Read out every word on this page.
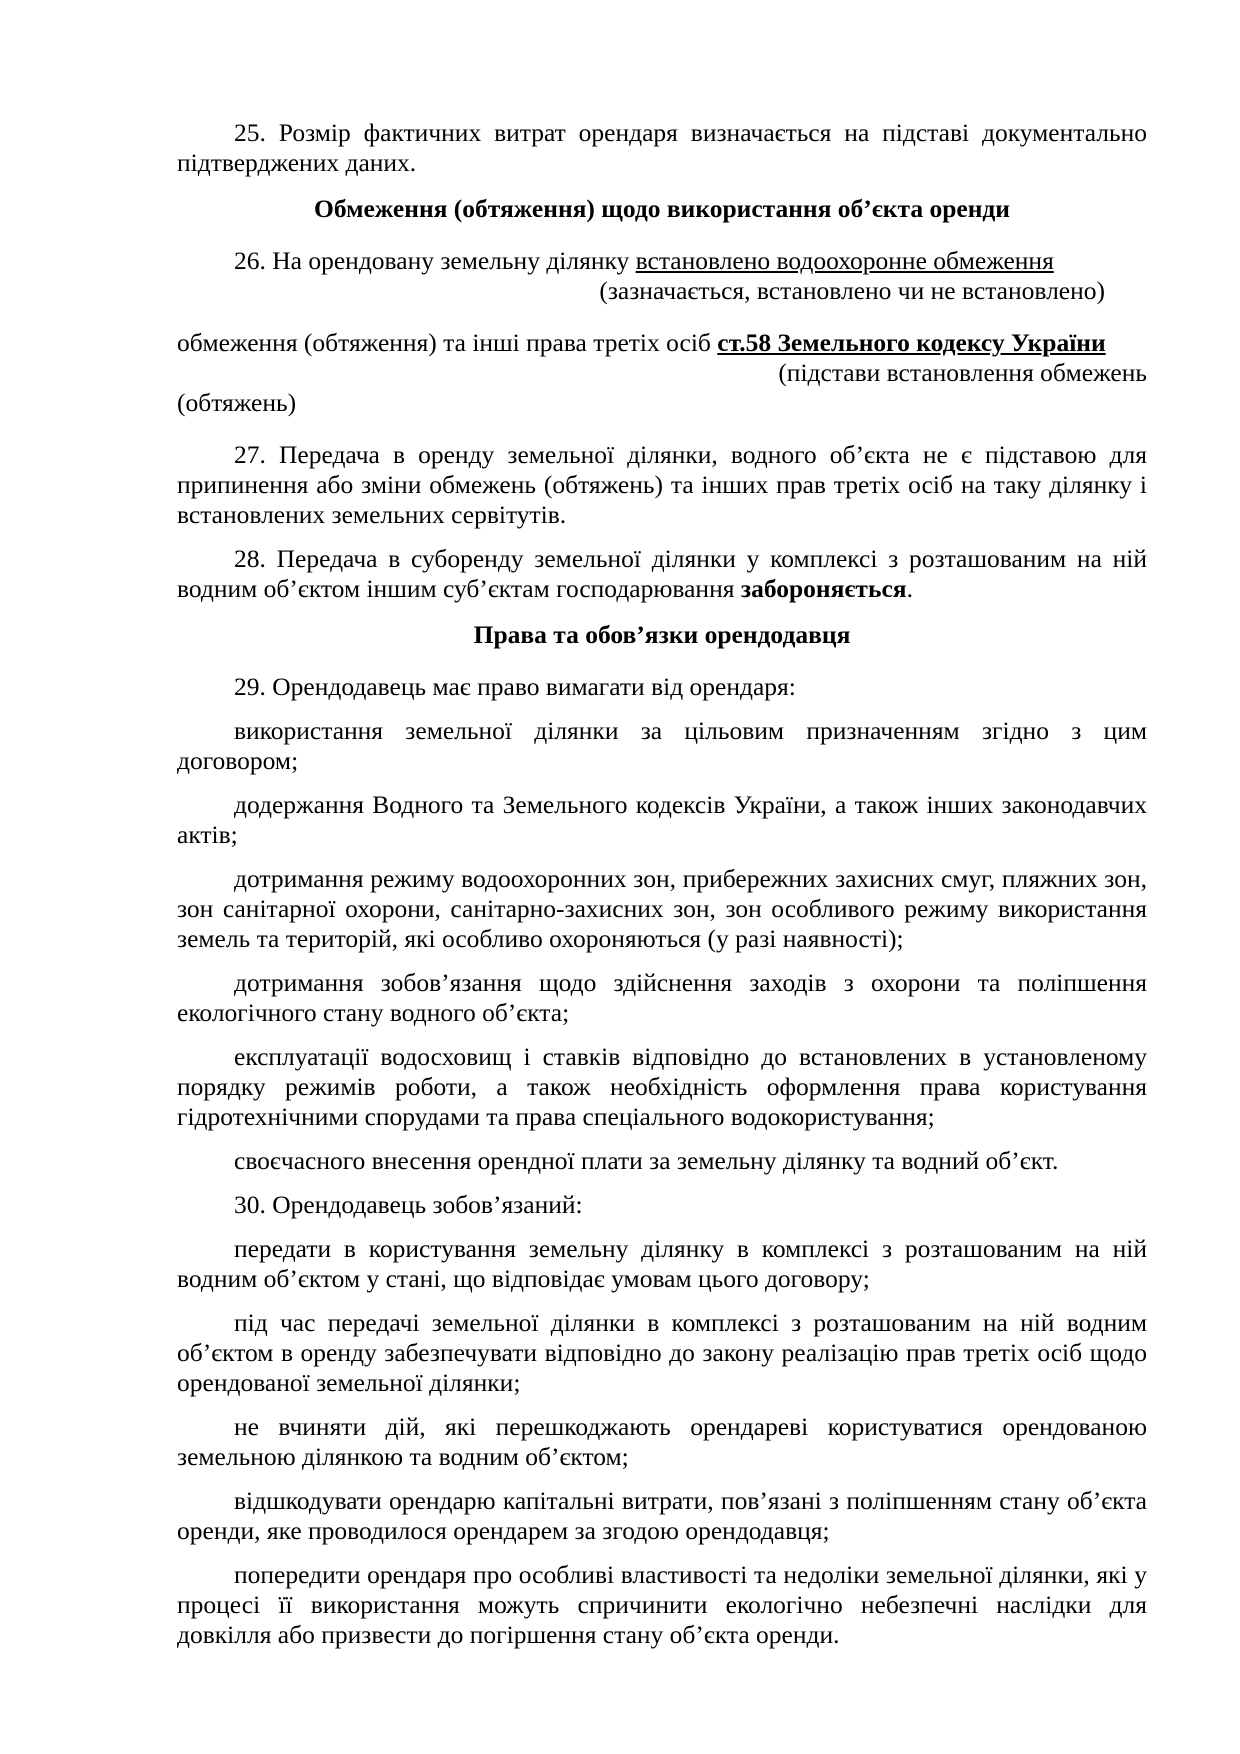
25. Розмір фактичних витрат орендаря визначається на підставі документально підтверджених даних.

Обмеження (обтяження) щодо використання об’єкта оренди

26. На орендовану земельну ділянку встановлено водоохоронне обмеження

(зазначається, встановлено чи не встановлено)

обмеження (обтяження) та інші права третіх осіб ст.58 Земельного кодексу України

(підстави встановлення обмежень

(обтяжень)

27. Передача в оренду земельної ділянки, водного об’єкта не є підставою для припинення або зміни обмежень (обтяжень) та інших прав третіх осіб на таку ділянку і встановлених земельних сервітутів.

28. Передача в суборенду земельної ділянки у комплексі з розташованим на ній водним об’єктом іншим суб’єктам господарювання забороняється.

Права та обов’язки орендодавця

29. Орендодавець має право вимагати від орендаря:

використання земельної ділянки за цільовим призначенням згідно з цим договором;

додержання Водного та Земельного кодексів України, а також інших законодавчих актів;

дотримання режиму водоохоронних зон, прибережних захисних смуг, пляжних зон, зон санітарної охорони, санітарно-захисних зон, зон особливого режиму використання земель та територій, які особливо охороняються (у разі наявності);

дотримання зобов’язання щодо здійснення заходів з охорони та поліпшення екологічного стану водного об’єкта;

експлуатації водосховищ і ставків відповідно до встановлених в установленому порядку режимів роботи, а також необхідність оформлення права користування гідротехнічними спорудами та права спеціального водокористування;

своєчасного внесення орендної плати за земельну ділянку та водний об’єкт.

30. Орендодавець зобов’язаний:

передати в користування земельну ділянку в комплексі з розташованим на ній водним об’єктом у стані, що відповідає умовам цього договору;

під час передачі земельної ділянки в комплексі з розташованим на ній водним об’єктом в оренду забезпечувати відповідно до закону реалізацію прав третіх осіб щодо орендованої земельної ділянки;

не вчиняти дій, які перешкоджають орендареві користуватися орендованою земельною ділянкою та водним об’єктом;

відшкодувати орендарю капітальні витрати, пов’язані з поліпшенням стану об’єкта оренди, яке проводилося орендарем за згодою орендодавця;

попередити орендаря про особливі властивості та недоліки земельної ділянки, які у процесі її використання можуть спричинити екологічно небезпечні наслідки для довкілля або призвести до погіршення стану об’єкта оренди.
